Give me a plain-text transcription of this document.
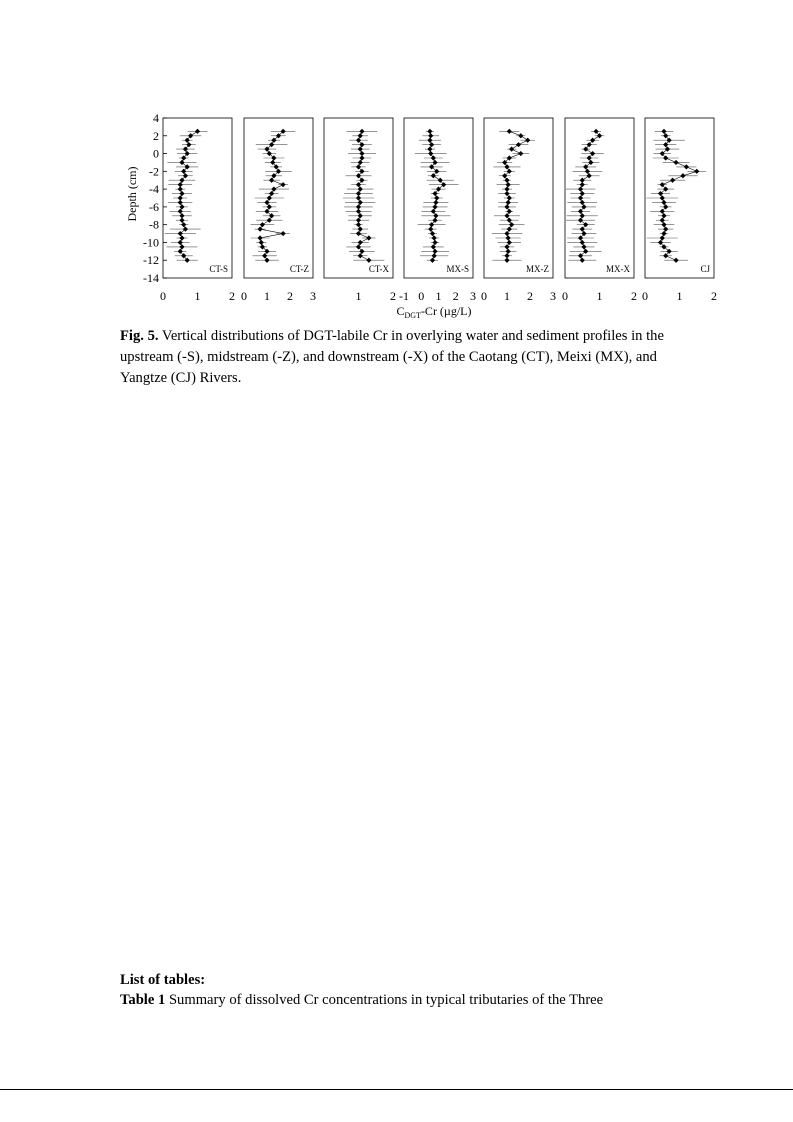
4
2
0
-2
-4
-6
-8
-10
-12
-14
Depth (cm)
0 1 2
CT-S
0 1 2 3
CT-Z
1 2
CT-X
-1 0 1 2 3
MX-S
0 1 2 3
MX-Z
0 1 2
MX-X
0 1 2
CJ
$C_{DGT}-Cr$ (µg/L)
Fig. 5. Vertical distributions of DGT-labile Cr in overlying water and sediment profiles in the upstream (-S), midstream (-Z), and downstream (-X) of the Caotang (CT), Meixi (MX), and Yangtze (CJ) Rivers.
List of tables:
Table 1 Summary of dissolved Cr concentrations in typical tributaries of the Three
